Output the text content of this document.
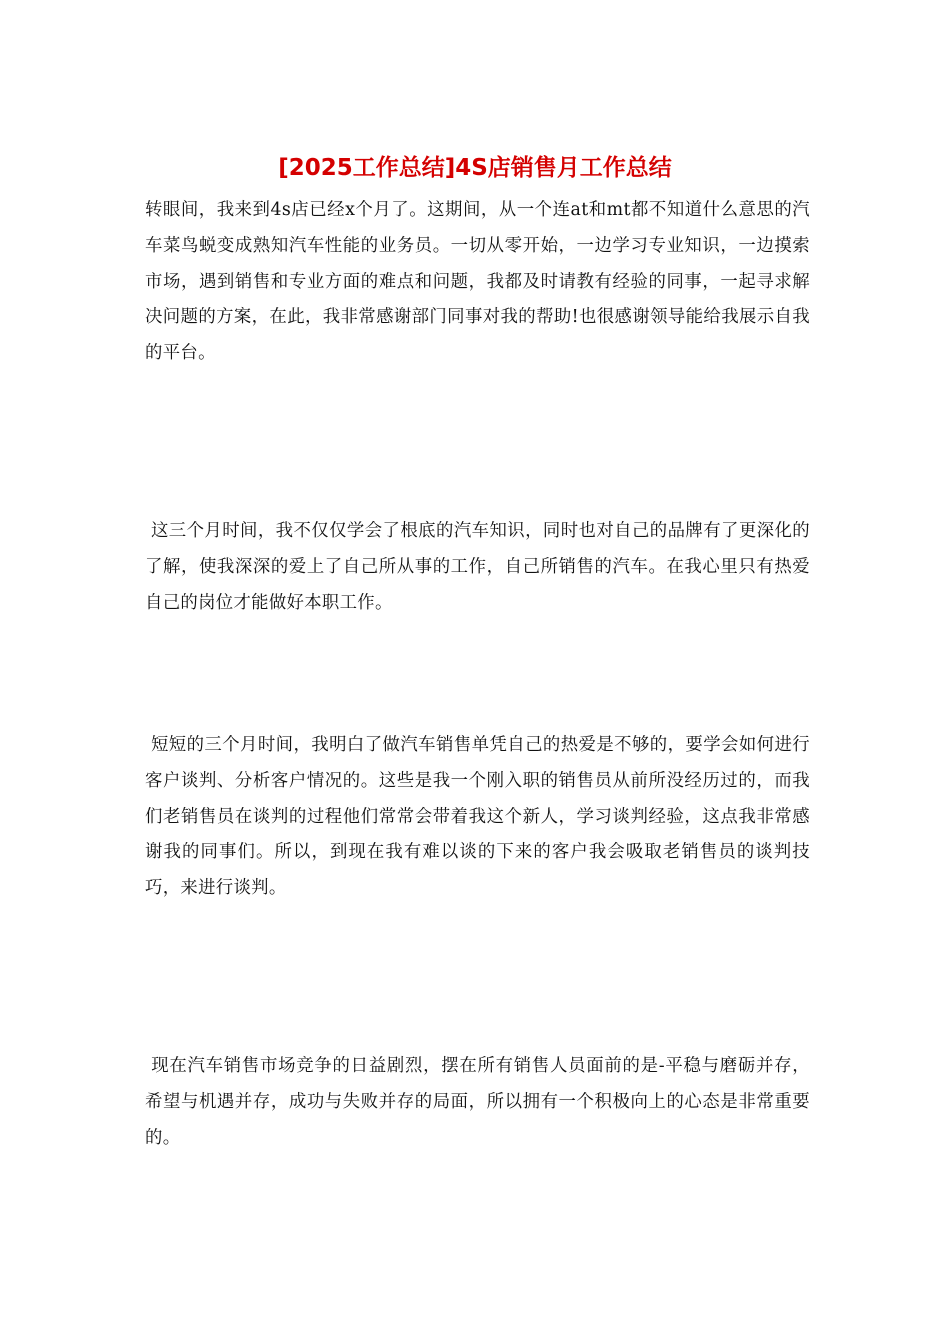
[2025工作总结]4S店销售月工作总结

转眼间，我来到4s店已经x个月了。这期间，从一个连at和mt都不知道什么意思的汽车菜鸟蜕变成熟知汽车性能的业务员。一切从零开始，一边学习专业知识，一边摸索市场，遇到销售和专业方面的难点和问题，我都及时请教有经验的同事，一起寻求解决问题的方案，在此，我非常感谢部门同事对我的帮助!也很感谢领导能给我展示自我的平台。

这三个月时间，我不仅仅学会了根底的汽车知识，同时也对自己的品牌有了更深化的了解，使我深深的爱上了自己所从事的工作，自己所销售的汽车。在我心里只有热爱自己的岗位才能做好本职工作。

短短的三个月时间，我明白了做汽车销售单凭自己的热爱是不够的，要学会如何进行客户谈判、分析客户情况的。这些是我一个刚入职的销售员从前所没经历过的，而我们老销售员在谈判的过程他们常常会带着我这个新人，学习谈判经验，这点我非常感谢我的同事们。所以，到现在我有难以谈的下来的客户我会吸取老销售员的谈判技巧，来进行谈判。

现在汽车销售市场竞争的日益剧烈，摆在所有销售人员面前的是-平稳与磨砺并存，希望与机遇并存，成功与失败并存的局面，所以拥有一个积极向上的心态是非常重要的。
